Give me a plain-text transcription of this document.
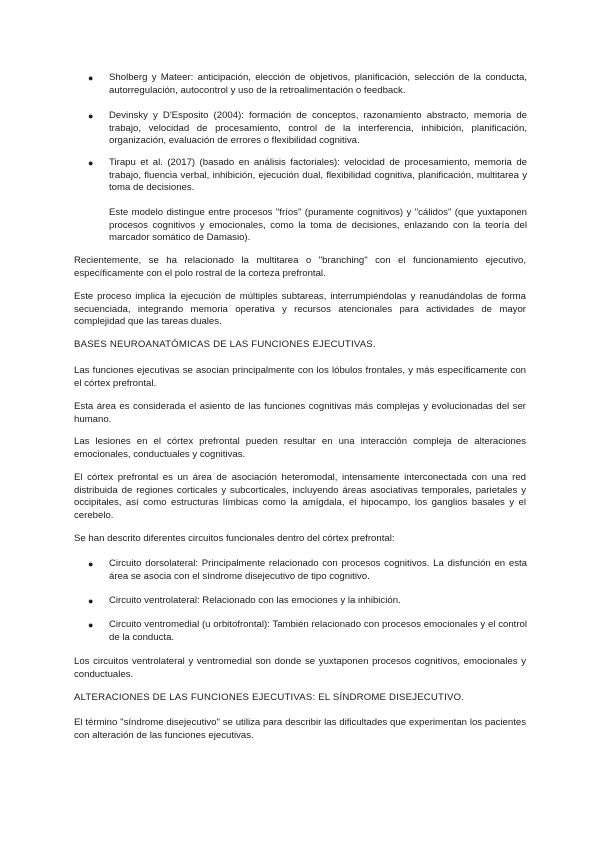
●	Sholberg y Mateer: anticipación, elección de objetivos, planificación, selección de la conducta, autorregulación, autocontrol y uso de la retroalimentación o feedback.
●	Devinsky y D'Esposito (2004): formación de conceptos, razonamiento abstracto, memoria de trabajo, velocidad de procesamiento, control de la interferencia, inhibición, planificación, organización, evaluación de errores o flexibilidad cognitiva.
●	Tirapu et al. (2017) (basado en análisis factoriales): velocidad de procesamiento, memoria de trabajo, fluencia verbal, inhibición, ejecución dual, flexibilidad cognitiva, planificación, multitarea y toma de decisiones.
Este modelo distingue entre procesos "fríos" (puramente cognitivos) y "cálidos" (que yuxtaponen procesos cognitivos y emocionales, como la toma de decisiones, enlazando con la teoría del marcador somático de Damasio).
Recientemente, se ha relacionado la multitarea o "branching" con el funcionamiento ejecutivo, específicamente con el polo rostral de la corteza prefrontal.
Este proceso implica la ejecución de múltiples subtareas, interrumpiéndolas y reanudándolas de forma secuenciada, integrando memoria operativa y recursos atencionales para actividades de mayor complejidad que las tareas duales.
BASES NEUROANATÓMICAS DE LAS FUNCIONES EJECUTIVAS.
Las funciones ejecutivas se asocian principalmente con los lóbulos frontales, y más específicamente con el córtex prefrontal.
Esta área es considerada el asiento de las funciones cognitivas más complejas y evolucionadas del ser humano.
Las lesiones en el córtex prefrontal pueden resultar en una interacción compleja de alteraciones emocionales, conductuales y cognitivas.
El córtex prefrontal es un área de asociación heteromodal, intensamente interconectada con una red distribuida de regiones corticales y subcorticales, incluyendo áreas asociativas temporales, parietales y occipitales, así como estructuras límbicas como la amígdala, el hipocampo, los ganglios basales y el cerebelo.
Se han descrito diferentes circuitos funcionales dentro del córtex prefrontal:
●	Circuito dorsolateral: Principalmente relacionado con procesos cognitivos. La disfunción en esta área se asocia con el síndrome disejecutivo de tipo cognitivo.
●	Circuito ventrolateral: Relacionado con las emociones y la inhibición.
●	Circuito ventromedial (u orbitofrontal): También relacionado con procesos emocionales y el control de la conducta.
Los circuitos ventrolateral y ventromedial son donde se yuxtaponen procesos cognitivos, emocionales y conductuales.
ALTERACIONES DE LAS FUNCIONES EJECUTIVAS: EL SÍNDROME DISEJECUTIVO.
El término "síndrome disejecutivo" se utiliza para describir las dificultades que experimentan los pacientes con alteración de las funciones ejecutivas.
